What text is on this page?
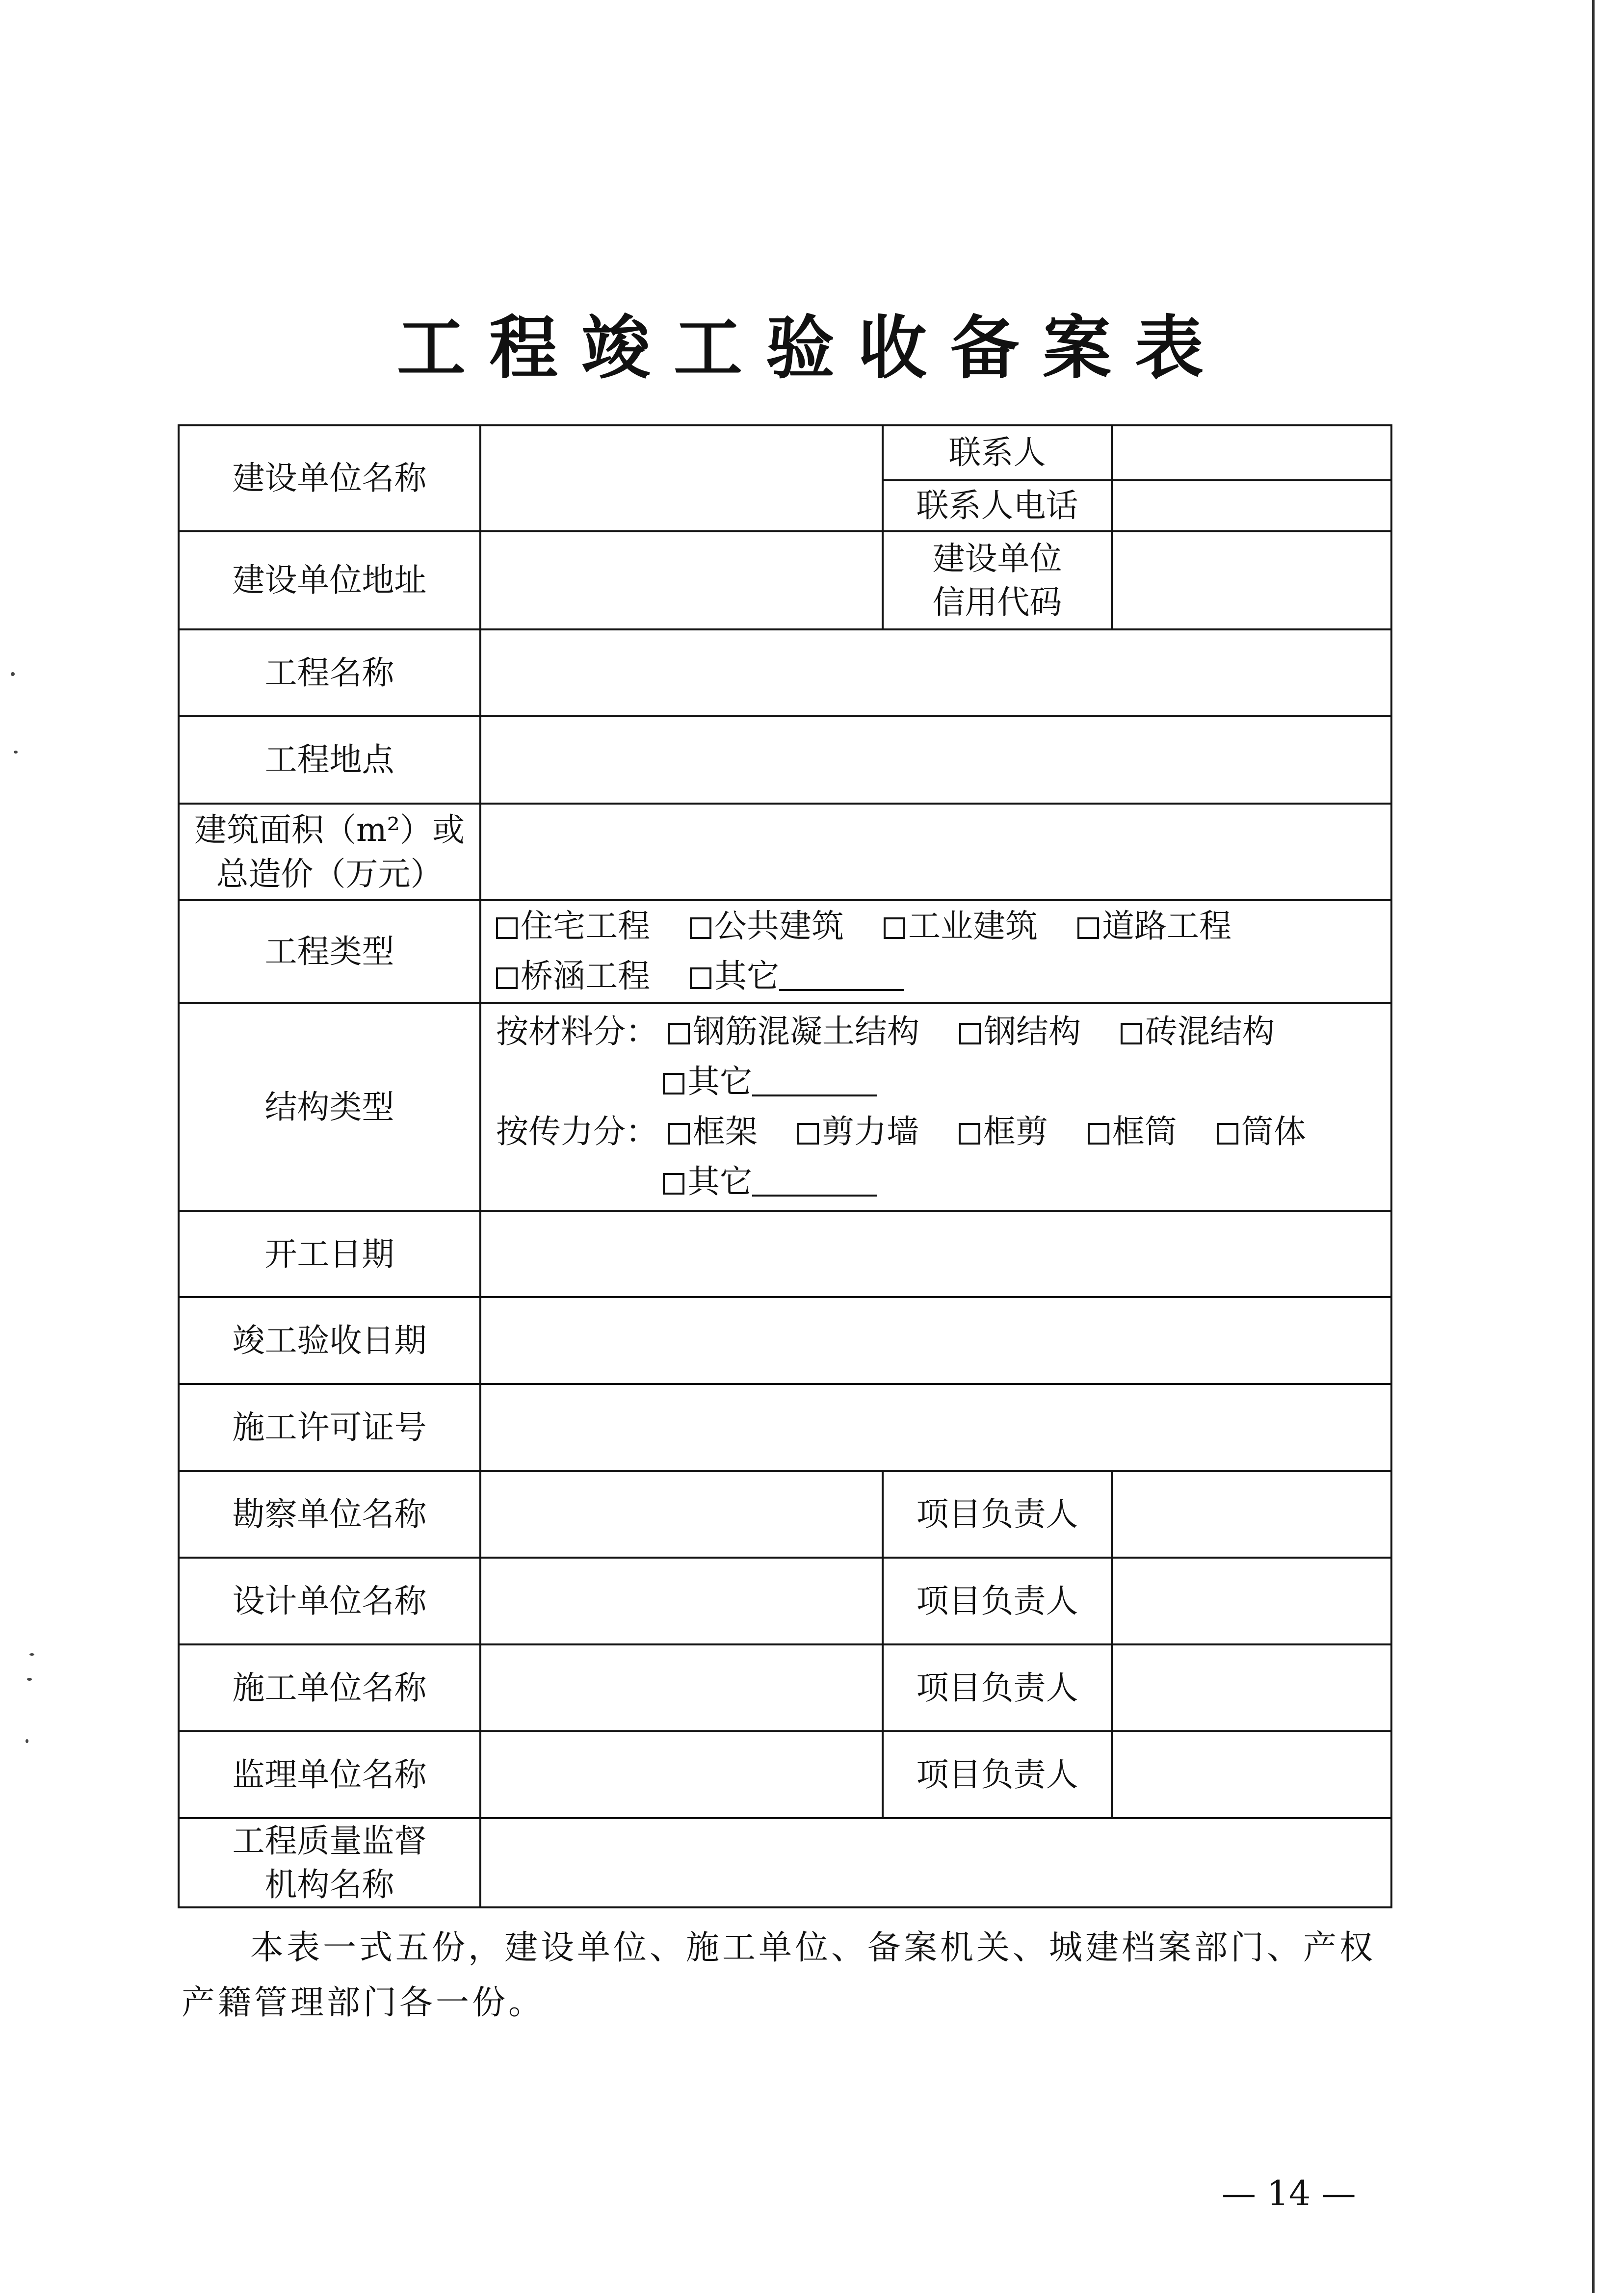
工程竣工验收备案表
建设单位名称		联系人	
		联系人电话	
建设单位地址		建设单位信用代码	

工程名称			
工程地点			

建筑面积（m²）或总造价（万元）			

工程类型	住宅工程 公共建筑 工业建筑 道路工程
桥涵工程 其它		

结构类型	按材料分： 钢筋混凝土结构 钢结构 砖混结构
其它
按传力分： 框架 剪力墙 框剪 框筒 筒体
其它		

开工日期			
竣工验收日期			
施工许可证号			
勘察单位名称		项目负责人	
设计单位名称		项目负责人	
施工单位名称		项目负责人	
监理单位名称		项目负责人	

工程质量监督机构名称			

本表一式五份，建设单位、施工单位、备案机关、城建档案部门、产权产籍管理部门各一份。
— 14 —
